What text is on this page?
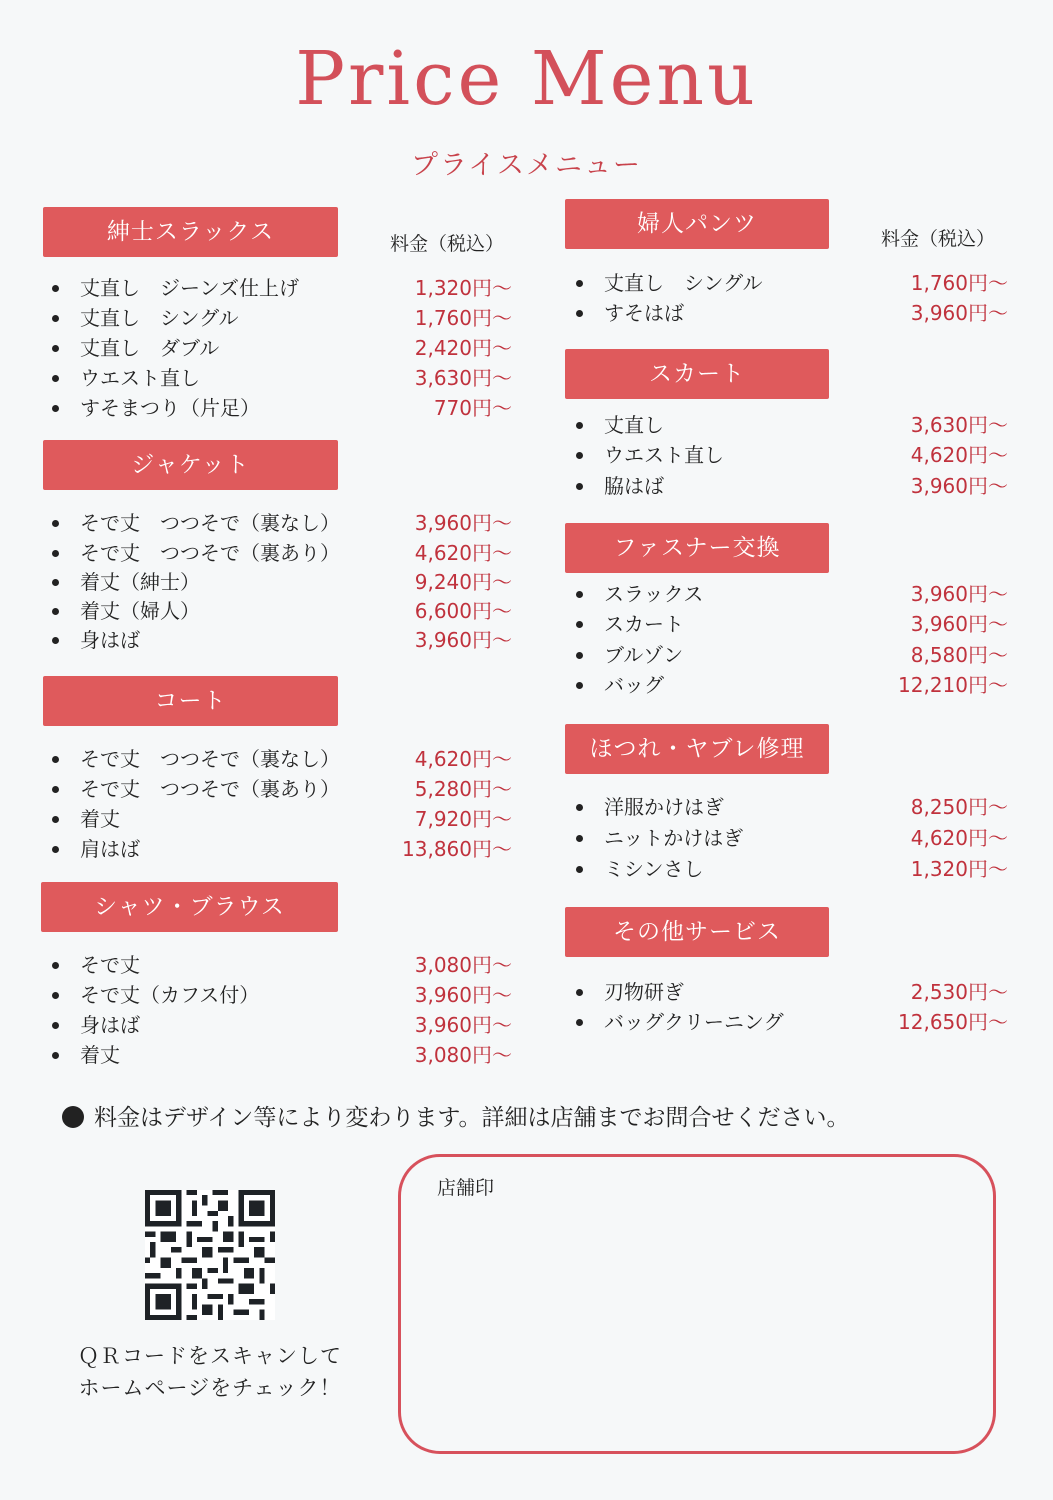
Price Menu
プライスメニュー
紳士スラックス	料金（税込）
丈直し　ジーンズ仕上げ	1,320円〜
丈直し　シングル	1,760円〜
丈直し　ダブル	2,420円〜
ウエスト直し	3,630円〜
すそまつり（片足）	770円〜
ジャケット
そで丈　つつそで（裏なし）	3,960円〜
そで丈　つつそで（裏あり）	4,620円〜
着丈（紳士）	9,240円〜
着丈（婦人）	6,600円〜
身はば	3,960円〜
コート
そで丈　つつそで（裏なし）	4,620円〜
そで丈　つつそで（裏あり）	5,280円〜
着丈	7,920円〜
肩はば	13,860円〜
シャツ・ブラウス
そで丈	3,080円〜
そで丈（カフス付）	3,960円〜
身はば	3,960円〜
着丈	3,080円〜
婦人パンツ
料金（税込）
丈直し　シングル	1,760円〜
すそはば	3,960円〜
スカート
丈直し	3,630円〜
ウエスト直し	4,620円〜
脇はば	3,960円〜
ファスナー交換
スラックス	3,960円〜
スカート	3,960円〜
ブルゾン	8,580円〜
バッグ	12,210円〜
ほつれ・ヤブレ修理
洋服かけはぎ	8,250円〜
ニットかけはぎ	4,620円〜
ミシンさし	1,320円〜
その他サービス
刃物研ぎ	2,530円〜
バッグクリーニング	12,650円〜
料金はデザイン等により変わります。詳細は店舗までお問合せください。
ＱＲコードをスキャンして
ホームページをチェック！
店舗印
